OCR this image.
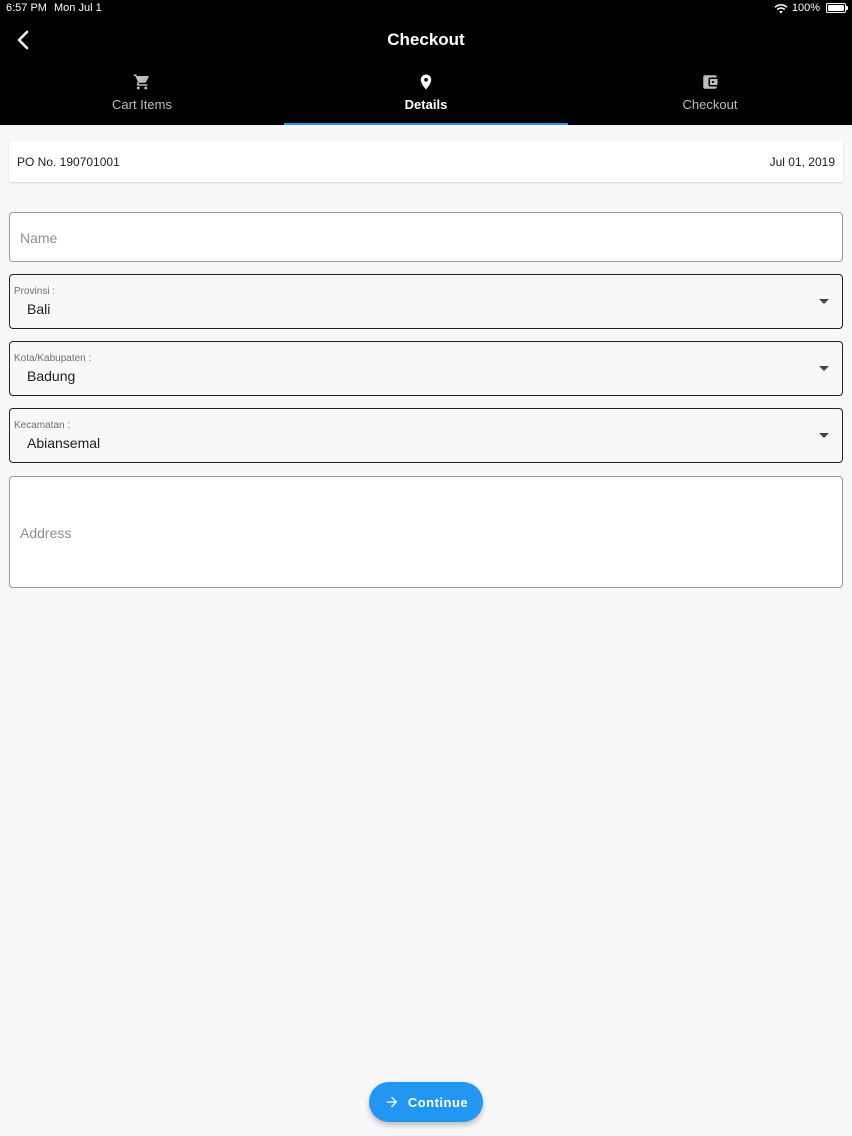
6:57 PM Mon Jul 1	100%
Checkout
Cart Items	Details	Checkout
PO No. 190701001	Jul 01, 2019
Name
Provinsi :
Bali
Kota/Kabupaten :
Badung
Kecamatan :
Abiansemal
Address
Continue
